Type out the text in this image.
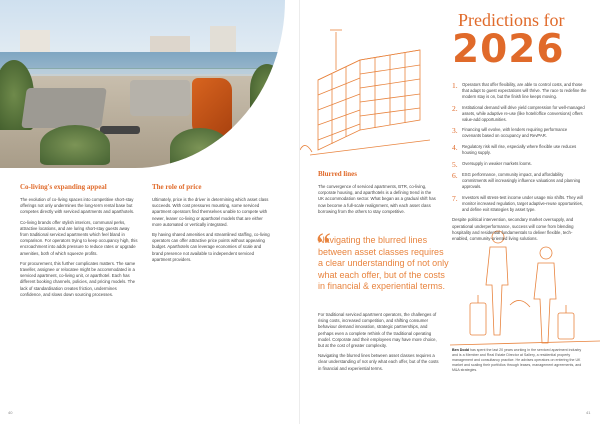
Co-living's expanding appeal

The evolution of co-living spaces into competitive short-stay offerings not only undermines the long-term rental base but competes directly with serviced apartments and aparthotels.

Co-living brands offer stylish interiors, communal perks, attractive locations, and are luring short-stay guests away from traditional serviced apartments which feel bland in comparison. For operators trying to keep occupancy high, this encroachment into adds pressure to reduce rates or upgrade amenities, both of which squeeze profits.

For procurement, this further complicates matters. The same traveller, assignee or relocatee might be accommodated in a serviced apartment, co-living unit, or aparthotel. Each has different booking channels, policies, and pricing models. The lack of standardisation creates friction, undermines confidence, and slows down sourcing processes.

The role of price

Ultimately, price is the driver in determining which asset class succeeds. With cost pressures mounting, some serviced apartment operators find themselves unable to compete with newer, leaner co-living or aparthotel models that are either more automated or vertically integrated.

By having shared amenities and streamlined staffing, co-living operators can offer attractive price points without appearing budget. Aparthotels can leverage economies of scale and brand presence not available to independent serviced apartment providers.

40
Predictions for
2026
Blurred lines

The convergence of serviced apartments, BTR, co-living, corporate housing, and aparthotels is a defining trend in the UK accommodation sector. What began as a gradual shift has now become a full-scale realignment, with each asset class borrowing from the others to stay competitive.

“
Navigating the blurred lines between asset classes requires a clear understanding of not only what each offer, but of the costs in financial & experiential terms.

For traditional serviced apartment operators, the challenges of rising costs, increased competition, and shifting consumer behaviour demand innovation, strategic partnerships, and perhaps even a complete rethink of the traditional operating model. Corporate and their employees may have more choice, but at the cost of greater complexity.

Navigating the blurred lines between asset classes requires a clear understanding of not only what each offer, but of the costs in financial and experiential terms.

1. Operators that offer flexibility, are able to control costs, and those that adapt to guest expectations will thrive. The race to redefine the modern stay is on, but the finish line keeps moving.
2. Institutional demand will drive yield compression for well-managed assets, while adaptive re-use (like hotel/office conversions) offers value-add opportunities.
3. Financing will evolve, with lenders requiring performance covenants based on occupancy and RevPAR.
4. Regulatory risk will rise, especially where flexible use reduces housing supply.
5. Oversupply in weaker markets looms.
6. ESG performance, community impact, and affordability commitments will increasingly influence valuations and planning approvals.
7. Investors will stress-test income under usage mix shifts. They will monitor increased regulation, target adaptive-reuse opportunities, and define exit strategies by asset type.

Despite political intervention, secondary market oversupply, and operational underperformance, success will come from blending hospitality and residential fundamentals to deliver flexible, tech-enabled, community-oriented living solutions.

Ben Dodd has spent the last 20 years working in the serviced apartment industry and is a Member and Real Estate Director at Sallery, a residential property management and consultancy practice. He advises operators on entering the UK market and scaling their portfolios through leases, management agreements, and M&A strategies.
41
